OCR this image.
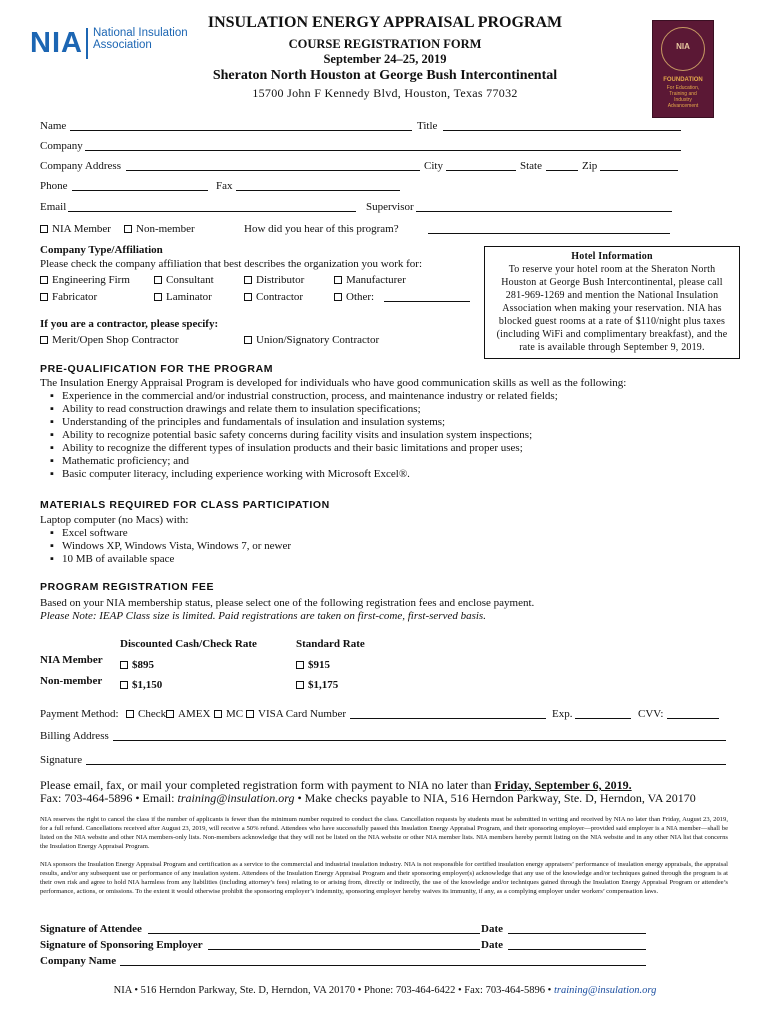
NIA National Insulation
Association
INSULATION ENERGY APPRAISAL PROGRAM
COURSE REGISTRATION FORM
September 24–25, 2019
Sheraton North Houston at George Bush Intercontinental
15700 John F Kennedy Blvd, Houston, Texas 77032
NIA
FOUNDATION
For Education,
Training and
Industry
Advancement
Name	Title
Company
Company Address	City	State	Zip
Phone	Fax
Email	Supervisor
NIA Member	Non-member	How did you hear of this program?
Company Type/Affiliation
Please check the company affiliation that best describes the organization you work for:
Engineering Firm	Consultant	Distributor	Manufacturer
Fabricator	Laminator	Contractor	Other:
If you are a contractor, please specify:
Merit/Open Shop Contractor	Union/Signatory Contractor
Hotel Information
To reserve your hotel room at the Sheraton North Houston at George Bush Intercontinental, please call 281-969-1269 and mention the National Insulation Association when making your reservation. NIA has blocked guest rooms at a rate of $110/night plus taxes (including WiFi and complimentary breakfast), and the rate is available through September 9, 2019.
PRE-QUALIFICATION FOR THE PROGRAM
The Insulation Energy Appraisal Program is developed for individuals who have good communication skills as well as the following:
▪ Experience in the commercial and/or industrial construction, process, and maintenance industry or related fields;
▪ Ability to read construction drawings and relate them to insulation specifications;
▪ Understanding of the principles and fundamentals of insulation and insulation systems;
▪ Ability to recognize potential basic safety concerns during facility visits and insulation system inspections;
▪ Ability to recognize the different types of insulation products and their basic limitations and proper uses;
▪ Mathematic proficiency; and
▪ Basic computer literacy, including experience working with Microsoft Excel®.
MATERIALS REQUIRED FOR CLASS PARTICIPATION
Laptop computer (no Macs) with:
▪ Excel software
▪ Windows XP, Windows Vista, Windows 7, or newer
▪ 10 MB of available space
PROGRAM REGISTRATION FEE
Based on your NIA membership status, please select one of the following registration fees and enclose payment.
Please Note: IEAP Class size is limited. Paid registrations are taken on first-come, first-served basis.
Discounted Cash/Check Rate	Standard Rate
NIA Member	$895	$915
Non-member	$1,150	$1,175
Payment Method:	Check	AMEX	MC	VISA Card Number	Exp.	CVV:
Billing Address
Signature
Please email, fax, or mail your completed registration form with payment to NIA no later than Friday, September 6, 2019.
Fax: 703-464-5896 • Email: training@insulation.org • Make checks payable to NIA, 516 Herndon Parkway, Ste. D, Herndon, VA 20170
NIA reserves the right to cancel the class if the number of applicants is fewer than the minimum number required to conduct the class. Cancellation requests by students must be submitted in writing and received by NIA no later than Friday, August 23, 2019, for a full refund. Cancellations received after August 23, 2019, will receive a 50% refund. Attendees who have successfully passed this Insulation Energy Appraisal Program, and their sponsoring employer—provided said employer is a NIA member—shall be listed on the NIA website and other NIA members-only lists. Non-members acknowledge that they will not be listed on the NIA website or other NIA member lists. NIA members hereby permit listing on the NIA website and in any other NIA list that concerns the Insulation Energy Appraisal Program.
NIA sponsors the Insulation Energy Appraisal Program and certification as a service to the commercial and industrial insulation industry. NIA is not responsible for certified insulation energy appraisers’ performance of insulation energy appraisals, the appraisal results, and/or any subsequent use or performance of any insulation system. Attendees of the Insulation Energy Appraisal Program and their sponsoring employer(s) acknowledge that any use of the knowledge and/or techniques gained through the program is at their own risk and agree to hold NIA harmless from any liabilities (including attorney’s fees) relating to or arising from, directly or indirectly, the use of the knowledge and/or techniques gained through the Insulation Energy Appraisal Program or attendee’s performance, actions, or omissions. To the extent it would otherwise prohibit the sponsoring employer’s indemnity, sponsoring employer hereby waives its immunity, if any, as a complying employer under workers’ compensation laws.
Signature of Attendee	Date
Signature of Sponsoring Employer	Date
Company Name
NIA • 516 Herndon Parkway, Ste. D, Herndon, VA 20170 • Phone: 703-464-6422 • Fax: 703-464-5896 • training@insulation.org
